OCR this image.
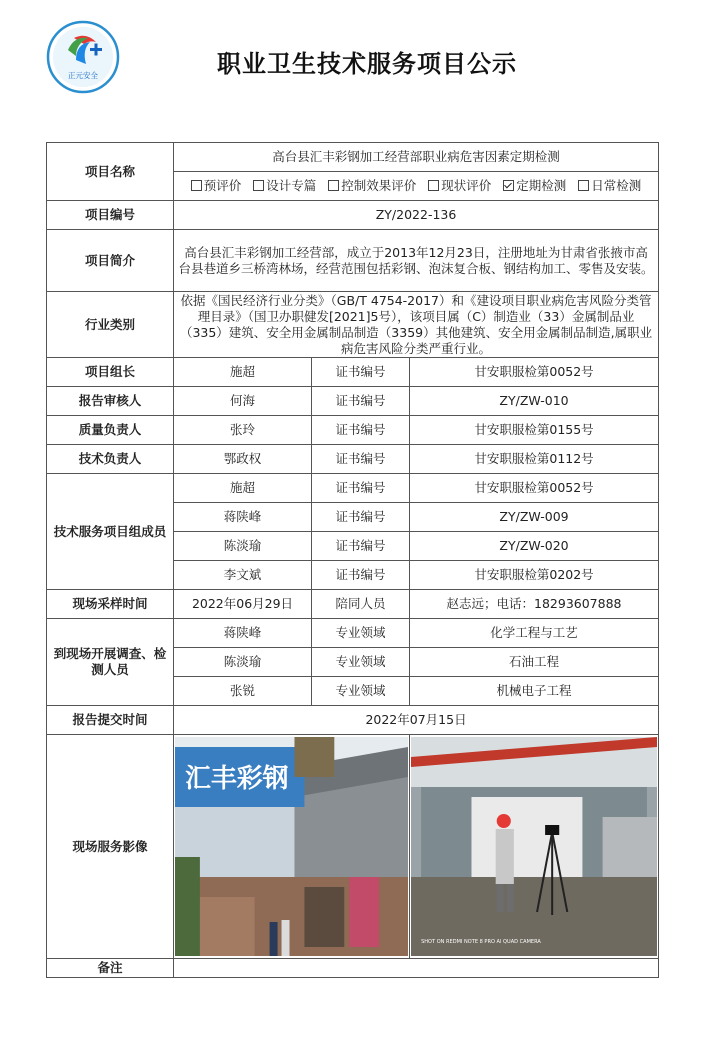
正元安全	职业卫生技术服务项目公示
项目名称	高台县汇丰彩钢加工经营部职业病危害因素定期检测		
	预评价 设计专篇 控制效果评价 现状评价 定期检测 日常检测		
项目编号	ZY/2022-136		
项目简介	高台县汇丰彩钢加工经营部，成立于2013年12月23日，注册地址为甘肃省张掖市高台县巷道乡三桥湾林场，经营范围包括彩钢、泡沫复合板、钢结构加工、零售及安装。		
行业类别	依据《国民经济行业分类》（GB/T 4754-2017）和《建设项目职业病危害风险分类管理目录》（国卫办职健发[2021]5号），该项目属（C）制造业（33）金属制品业（335）建筑、安全用金属制品制造（3359）其他建筑、安全用金属制品制造,属职业病危害风险分类严重行业。		
项目组长	施超	证书编号	甘安职服检第0052号
报告审核人	何海	证书编号	ZY/ZW-010
质量负责人	张玲	证书编号	甘安职服检第0155号
技术负责人	鄂政权	证书编号	甘安职服检第0112号
技术服务项目组成员	施超	证书编号	甘安职服检第0052号
	蒋陕峰	证书编号	ZY/ZW-009
	陈淡瑜	证书编号	ZY/ZW-020
	李文斌	证书编号	甘安职服检第0202号
现场采样时间	2022年06月29日	陪同人员	赵志远；电话：18293607888
到现场开展调查、检测人员	蒋陕峰	专业领域	化学工程与工艺
	陈淡瑜	专业领域	石油工程
	张锐	专业领域	机械电子工程
报告提交时间	2022年07月15日		
现场服务影像	汇丰彩钢		SHOT ON REDMI NOTE 8 PRO AI QUAD CAMERA

备注			
